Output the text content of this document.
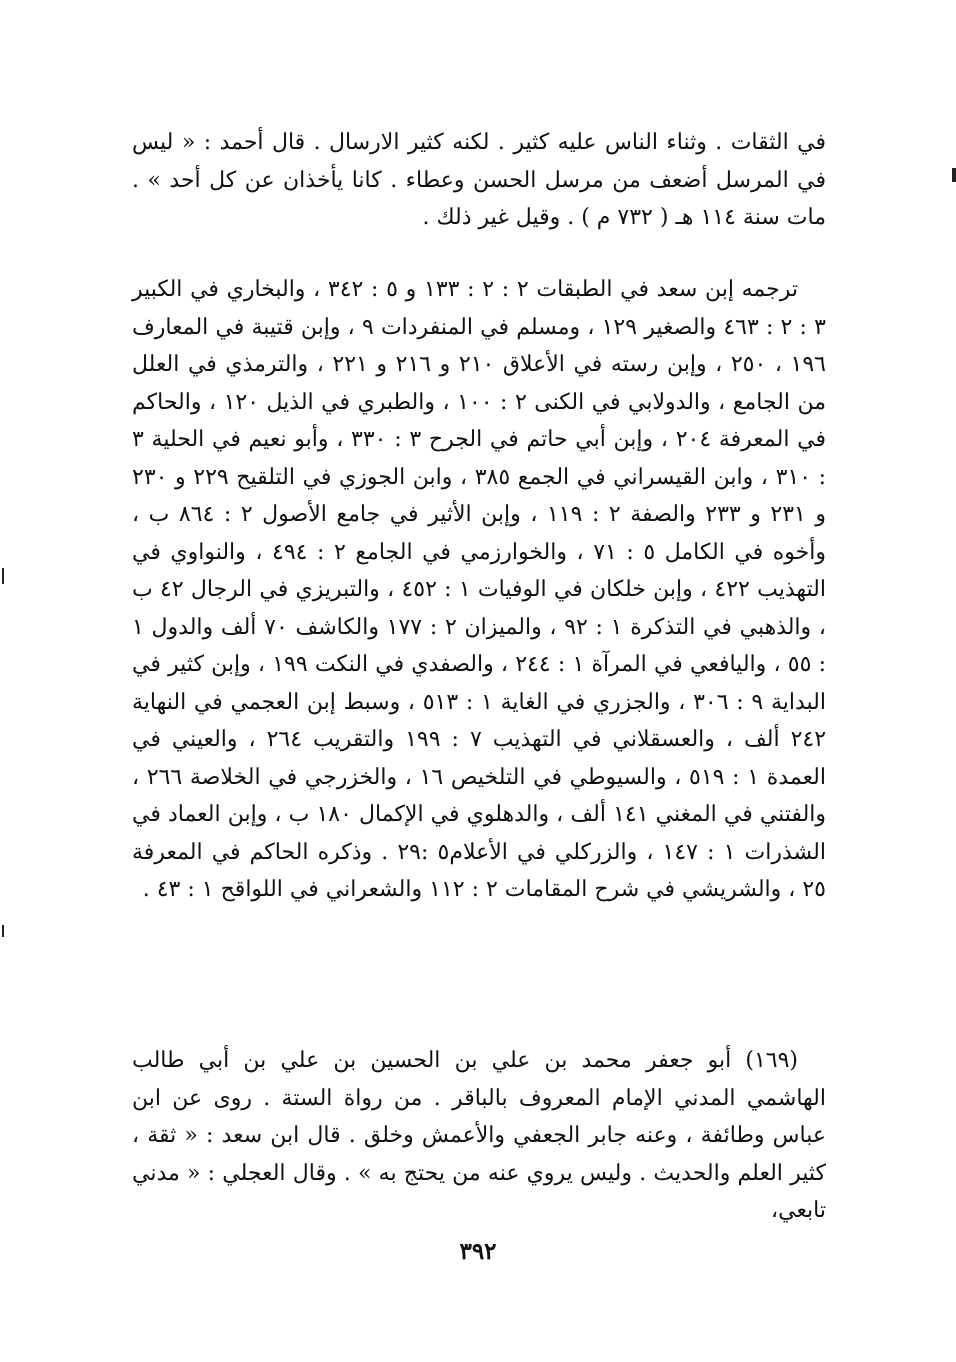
في الثقات . وثناء الناس عليه كثير . لكنه كثير الارسال . قال أحمد : « ليس في المرسل أضعف من مرسل الحسن وعطاء . كانا يأخذان عن كل أحد » . مات سنة ١١٤ هـ ( ٧٣٢ م ) . وقيل غير ذلك .

ترجمه إبن سعد في الطبقات ٢ : ٢ : ١٣٣ و ٥ : ٣٤٢ ، والبخاري في الكبير ٣ : ٢ : ٤٦٣ والصغير ١٢٩ ، ومسلم في المنفردات ٩ ، وإبن قتيبة في المعارف ١٩٦ ، ٢٥٠ ، وإبن رسته في الأعلاق ٢١٠ و ٢١٦ و ٢٢١ ، والترمذي في العلل من الجامع ، والدولابي في الكنى ٢ : ١٠٠ ، والطبري في الذيل ١٢٠ ، والحاكم في المعرفة ٢٠٤ ، وإبن أبي حاتم في الجرح ٣ : ٣٣٠ ، وأبو نعيم في الحلية ٣ : ٣١٠ ، وابن القيسراني في الجمع ٣٨٥ ، وابن الجوزي في التلقيح ٢٢٩ و ٢٣٠ و ٢٣١ و ٢٣٣ والصفة ٢ : ١١٩ ، وإبن الأثير في جامع الأصول ٢ : ٨٦٤ ب ، وأخوه في الكامل ٥ : ٧١ ، والخوارزمي في الجامع ٢ : ٤٩٤ ، والنواوي في التهذيب ٤٢٢ ، وإبن خلكان في الوفيات ١ : ٤٥٢ ، والتبريزي في الرجال ٤٢ ب ، والذهبي في التذكرة ١ : ٩٢ ، والميزان ٢ : ١٧٧ والكاشف ٧٠ ألف والدول ١ : ٥٥ ، واليافعي في المرآة ١ : ٢٤٤ ، والصفدي في النكت ١٩٩ ، وإبن كثير في البداية ٩ : ٣٠٦ ، والجزري في الغاية ١ : ٥١٣ ، وسبط إبن العجمي في النهاية ٢٤٢ ألف ، والعسقلاني في التهذيب ٧ : ١٩٩ والتقريب ٢٦٤ ، والعيني في العمدة ١ : ٥١٩ ، والسيوطي في التلخيص ١٦ ، والخزرجي في الخلاصة ٢٦٦ ، والفتني في المغني ١٤١ ألف ، والدهلوي في الإكمال ١٨٠ ب ، وإبن العماد في الشذرات ١ : ١٤٧ ، والزركلي في الأعلام٥ :٢٩ . وذكره الحاكم في المعرفة ٢٥ ، والشريشي في شرح المقامات ٢ : ١١٢ والشعراني في اللواقح ١ : ٤٣ .

(١٦٩) أبو جعفر محمد بن علي بن الحسين بن علي بن أبي طالب الهاشمي المدني الإمام المعروف بالباقر . من رواة الستة . روى عن ابن عباس وطائفة ، وعنه جابر الجعفي والأعمش وخلق . قال ابن سعد : « ثقة ، كثير العلم والحديث . وليس يروي عنه من يحتج به » . وقال العجلي : « مدني تابعي،

٣٩٢
